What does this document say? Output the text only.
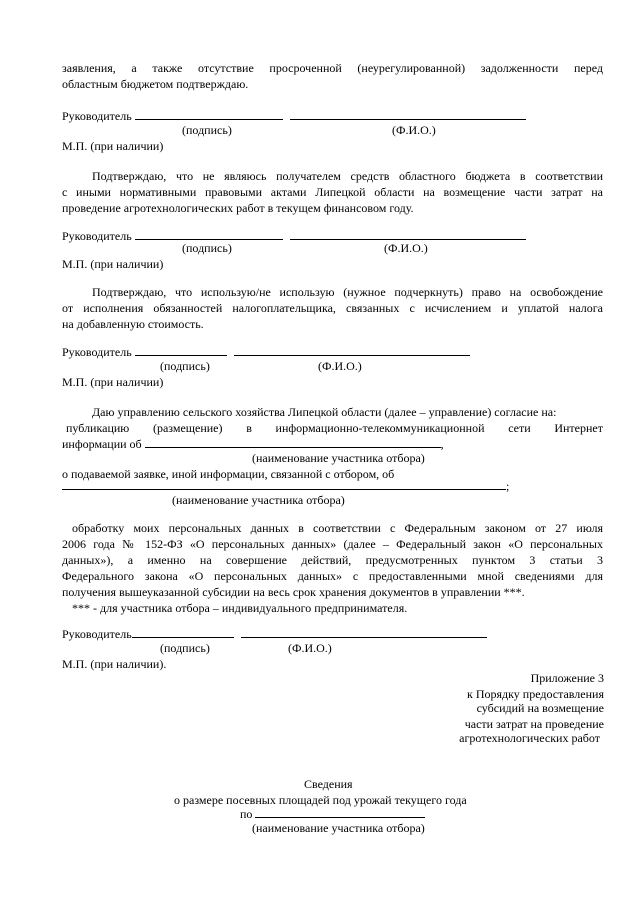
заявления, а также отсутствие просроченной (неурегулированной) задолженности перед
областным бюджетом подтверждаю.
Руководитель
(подпись)	(Ф.И.О.)
М.П. (при наличии)
Подтверждаю, что не являюсь получателем средств областного бюджета в соответствии
с иными нормативными правовыми актами Липецкой области на возмещение части затрат на
проведение агротехнологических работ в текущем финансовом году.
Руководитель
(подпись)	(Ф.И.О.)
М.П. (при наличии)
Подтверждаю, что использую/не использую (нужное подчеркнуть) право на освобождение
от исполнения обязанностей налогоплательщика, связанных с исчислением и уплатой налога
на добавленную стоимость.
Руководитель
(подпись)	(Ф.И.О.)
М.П. (при наличии)
Даю управлению сельского хозяйства Липецкой области (далее – управление) согласие на:
публикацию (размещение) в информационно-телекоммуникационной сети Интернет
информации об	,
(наименование участника отбора)
о подаваемой заявке, иной информации, связанной с отбором, об
;
(наименование участника отбора)
обработку моих персональных данных в соответствии с Федеральным законом от 27 июля
2006 года № 152-ФЗ «О персональных данных» (далее – Федеральный закон «О персональных
данных»), а именно на совершение действий, предусмотренных пунктом 3 статьи 3
Федерального закона «О персональных данных» с предоставленными мной сведениями для
получения вышеуказанной субсидии на весь срок хранения документов в управлении ***.
*** - для участника отбора – индивидуального предпринимателя.
Руководитель
(подпись)	(Ф.И.О.)
М.П. (при наличии).
Приложение 3
к Порядку предоставления
субсидий на возмещение
части затрат на проведение
агротехнологических работ
Сведения
о размере посевных площадей под урожай текущего года
по
(наименование участника отбора)
